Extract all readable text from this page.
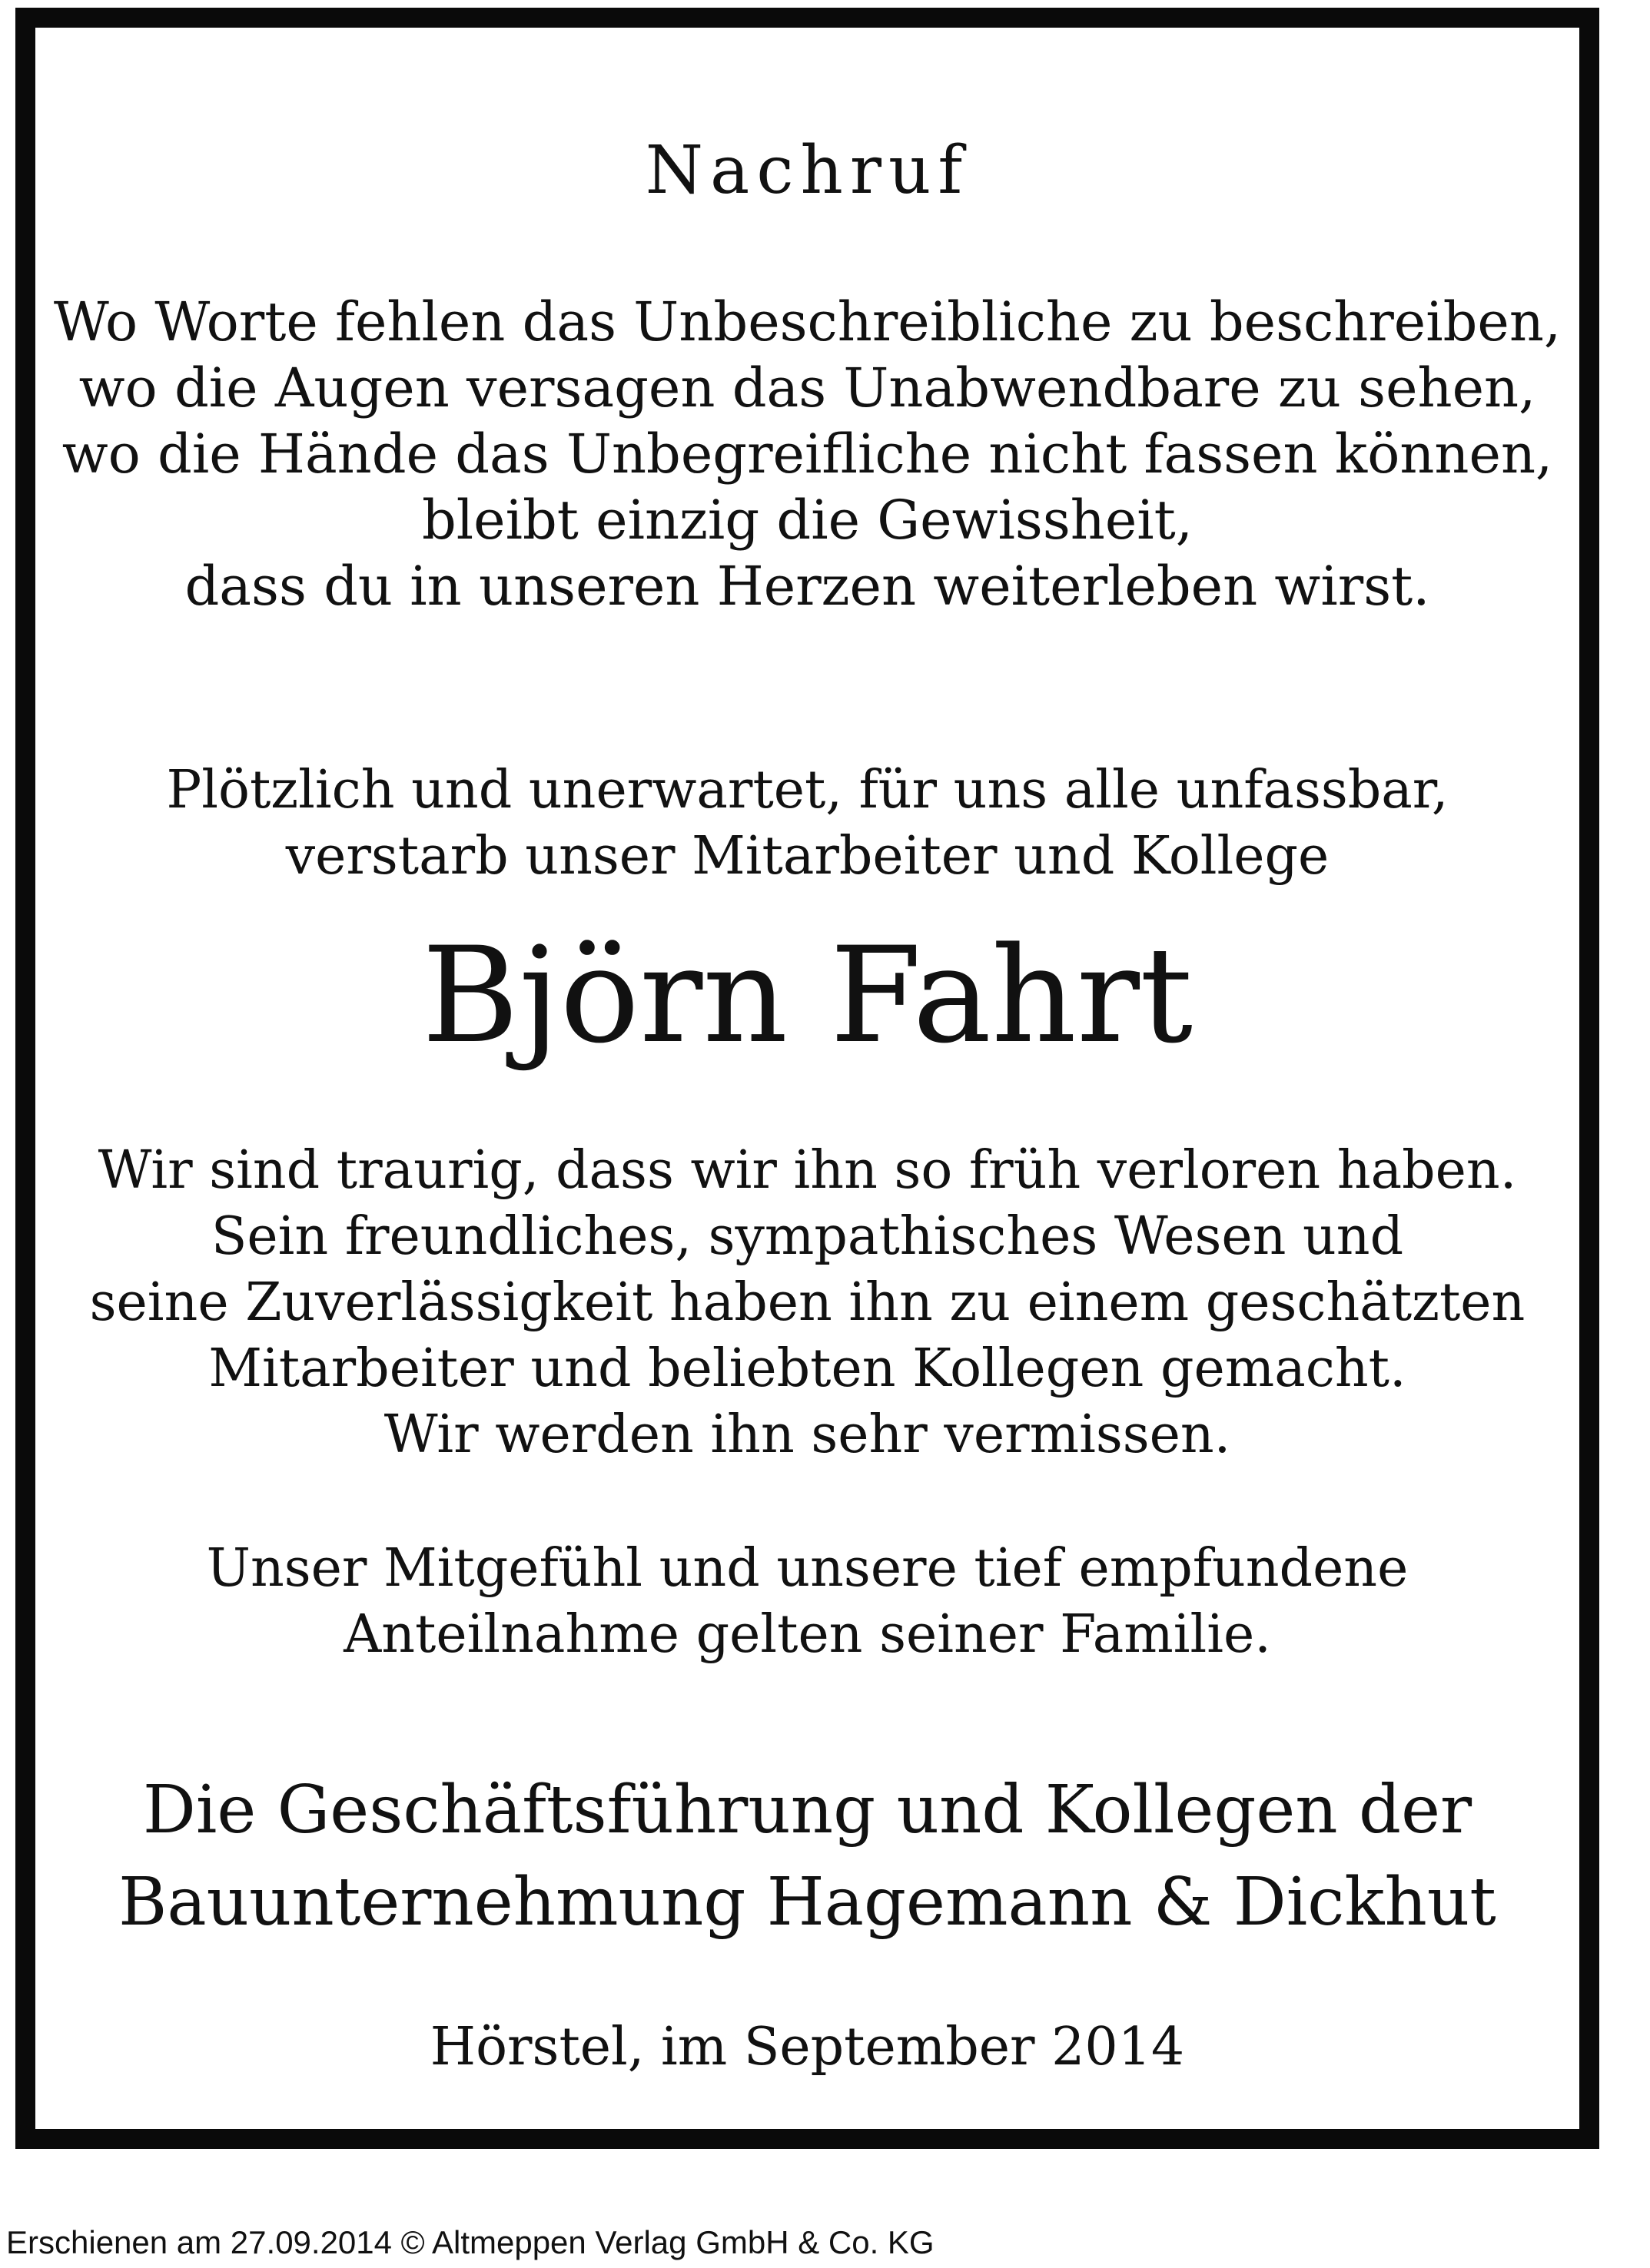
Nachruf

Wo Worte fehlen das Unbeschreibliche zu beschreiben,

wo die Augen versagen das Unabwendbare zu sehen,

wo die Hände das Unbegreifliche nicht fassen können,

bleibt einzig die Gewissheit,

dass du in unseren Herzen weiterleben wirst.

Plötzlich und unerwartet, für uns alle unfassbar,

verstarb unser Mitarbeiter und Kollege

Björn Fahrt

Wir sind traurig, dass wir ihn so früh verloren haben.

Sein freundliches, sympathisches Wesen und

seine Zuverlässigkeit haben ihn zu einem geschätzten

Mitarbeiter und beliebten Kollegen gemacht.

Wir werden ihn sehr vermissen.

Unser Mitgefühl und unsere tief empfundene

Anteilnahme gelten seiner Familie.

Die Geschäftsführung und Kollegen der

Bauunternehmung Hagemann & Dickhut

Hörstel, im September 2014

Erschienen am 27.09.2014 © Altmeppen Verlag GmbH & Co. KG
